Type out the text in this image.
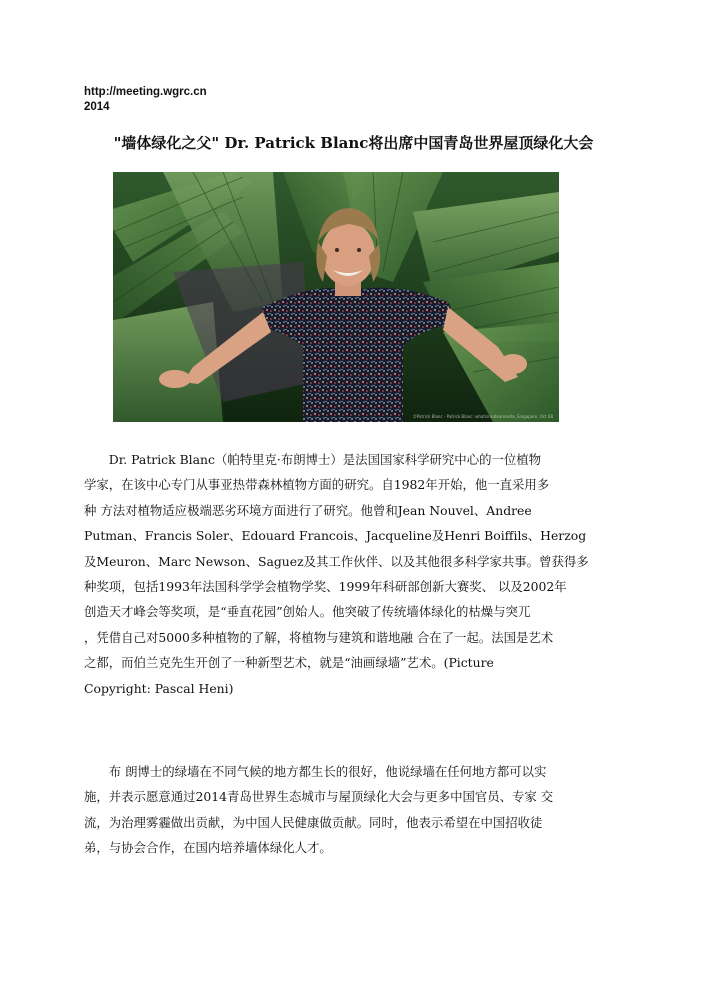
http://meeting.wgrc.cn
2014
"墙体绿化之父" Dr. Patrick Blanc将出席中国青岛世界屋顶绿化大会
©Patrick Blanc - Patrick Blanc: whatsinsideareasite_Singapore, Oct 08
　　Dr. Patrick Blanc（帕特里克·布朗博士）是法国国家科学研究中心的一位植物
学家，在该中心专门从事亚热带森林植物方面的研究。自1982年开始，他一直采用多
种 方法对植物适应极端恶劣环境方面进行了研究。他曾和Jean Nouvel、Andree
Putman、Francis Soler、Edouard Francois、Jacqueline及Henri Boiffils、Herzog
及Meuron、Marc Newson、Saguez及其工作伙伴、以及其他很多科学家共事。曾获得多
种奖项，包括1993年法国科学学会植物学奖、1999年科研部创新大赛奖、 以及2002年
创造天才峰会等奖项，是“垂直花园”创始人。他突破了传统墙体绿化的枯燥与突兀
，凭借自己对5000多种植物的了解，将植物与建筑和谐地融 合在了一起。法国是艺术
之都，而伯兰克先生开创了一种新型艺术，就是“油画绿墙”艺术。(Picture
Copyright: Pascal Heni)
　　布 朗博士的绿墙在不同气候的地方都生长的很好，他说绿墙在任何地方都可以实
施，并表示愿意通过2014青岛世界生态城市与屋顶绿化大会与更多中国官员、专家 交
流，为治理雾霾做出贡献，为中国人民健康做贡献。同时，他表示希望在中国招收徒
弟，与协会合作，在国内培养墙体绿化人才。
